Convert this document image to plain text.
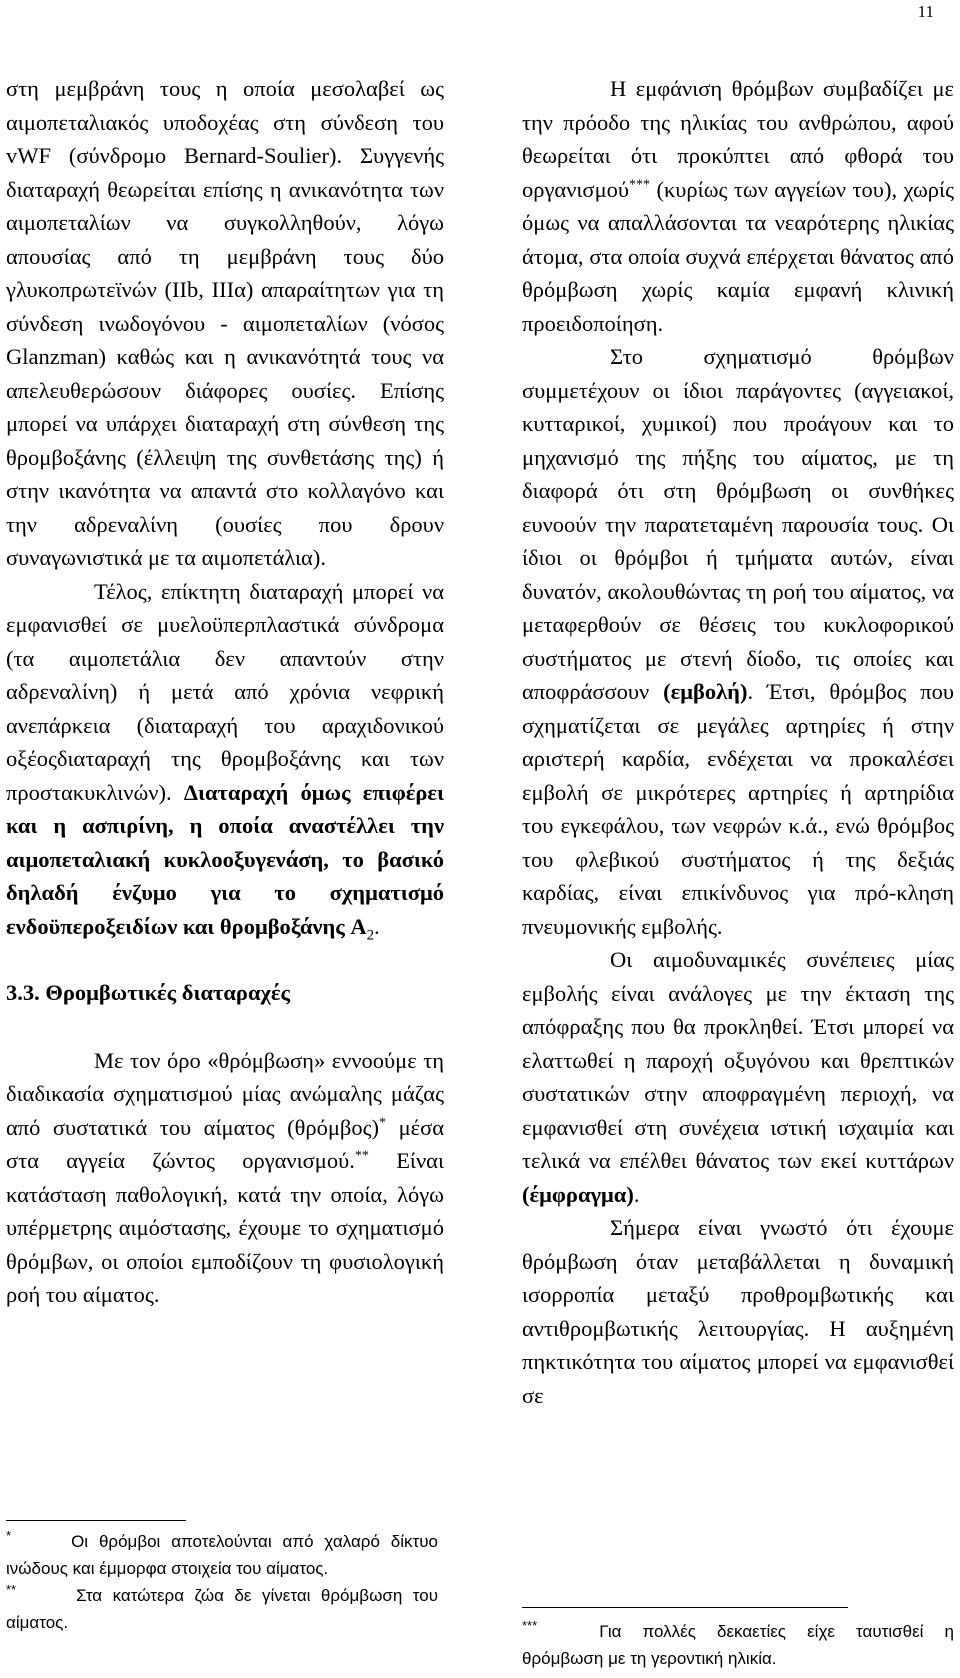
11

στη μεμβράνη τους η οποία μεσολαβεί ως αιμοπεταλιακός υποδοχέας στη σύνδεση του vWF (σύνδρομο Bernard-Soulier). Συγγενής διαταραχή θεωρείται επίσης η ανικανότητα των αιμοπεταλίων να συγκολληθούν, λόγω απουσίας από τη μεμβράνη τους δύο γλυκοπρωτεϊνών (IIb, IIIα) απαραίτητων για τη σύνδεση ινωδογόνου - αιμοπεταλίων (νόσος Glanzman) καθώς και η ανικανότητά τους να απελευθερώσουν διάφορες ουσίες. Επίσης μπορεί να υπάρχει διαταραχή στη σύνθεση της θρομβοξάνης (έλλειψη της συνθετάσης της) ή στην ικανότητα να απαντά στο κολλαγόνο και την αδρεναλίνη (ουσίες που δρουν συναγωνιστικά με τα αιμοπετάλια).

Τέλος, επίκτητη διαταραχή μπορεί να εμφανισθεί σε μυελοϋπερπλαστικά σύνδρομα (τα αιμοπετάλια δεν απαντούν στην αδρεναλίνη) ή μετά από χρόνια νεφρική ανεπάρκεια (διαταραχή του αραχιδονικού οξέοςδιαταραχή της θρομβοξάνης και των προστακυκλινών). Διαταραχή όμως επιφέρει και η ασπιρίνη, η οποία αναστέλλει την αιμοπεταλιακή κυκλοοξυγενάση, το βασικό δηλαδή ένζυμο για το σχηματισμό ενδοϋπεροξειδίων και θρομβοξάνης $A_2$.

3.3. Θρομβωτικές διαταραχές

Με τον όρο «θρόμβωση» εννοούμε τη διαδικασία σχηματισμού μίας ανώμαλης μάζας από συστατικά του αίματος (θρόμβος)* μέσα στα αγγεία ζώντος οργανισμού.** Είναι κατάσταση παθολογική, κατά την οποία, λόγω υπέρμετρης αιμόστασης, έχουμε το σχηματισμό θρόμβων, οι οποίοι εμποδίζουν τη φυσιολογική ροή του αίματος.

Η εμφάνιση θρόμβων συμβαδίζει με την πρόοδο της ηλικίας του ανθρώπου, αφού θεωρείται ότι προκύπτει από φθορά του οργανισμού*** (κυρίως των αγγείων του), χωρίς όμως να απαλλάσονται τα νεαρότερης ηλικίας άτομα, στα οποία συχνά επέρχεται θάνατος από θρόμβωση χωρίς καμία εμφανή κλινική προειδοποίηση.

Στο σχηματισμό θρόμβων συμμετέχουν οι ίδιοι παράγοντες (αγγειακοί, κυτταρικοί, χυμικοί) που προάγουν και το μηχανισμό της πήξης του αίματος, με τη διαφορά ότι στη θρόμβωση οι συνθήκες ευνοούν την παρατεταμένη παρουσία τους. Οι ίδιοι οι θρόμβοι ή τμήματα αυτών, είναι δυνατόν, ακολουθώντας τη ροή του αίματος, να μεταφερθούν σε θέσεις του κυκλοφορικού συστήματος με στενή δίοδο, τις οποίες και αποφράσσουν (εμβολή). Έτσι, θρόμβος που σχηματίζεται σε μεγάλες αρτηρίες ή στην αριστερή καρδία, ενδέχεται να προκαλέσει εμβολή σε μικρότερες αρτηρίες ή αρτηρίδια του εγκεφάλου, των νεφρών κ.ά., ενώ θρόμβος του φλεβικού συστήματος ή της δεξιάς καρδίας, είναι επικίνδυνος για πρό-κληση πνευμονικής εμβολής.

Οι αιμοδυναμικές συνέπειες μίας εμβολής είναι ανάλογες με την έκταση της απόφραξης που θα προκληθεί. Έτσι μπορεί να ελαττωθεί η παροχή οξυγόνου και θρεπτικών συστατικών στην αποφραγμένη περιοχή, να εμφανισθεί στη συνέχεια ιστική ισχαιμία και τελικά να επέλθει θάνατος των εκεί κυττάρων (έμφραγμα).

Σήμερα είναι γνωστό ότι έχουμε θρόμβωση όταν μεταβάλλεται η δυναμική ισορροπία μεταξύ προθρομβωτικής και αντιθρομβωτικής λειτουργίας. Η αυξημένη πηκτικότητα του αίματος μπορεί να εμφανισθεί σε

*	Οι θρόμβοι αποτελούνται από χαλαρό δίκτυο ινώδους και έμμορφα στοιχεία του αίματος.

**	Στα κατώτερα ζώα δε γίνεται θρόμβωση του αίματος.	***	Για πολλές δεκαετίες είχε ταυτισθεί η θρόμβωση με τη γεροντική ηλικία.
